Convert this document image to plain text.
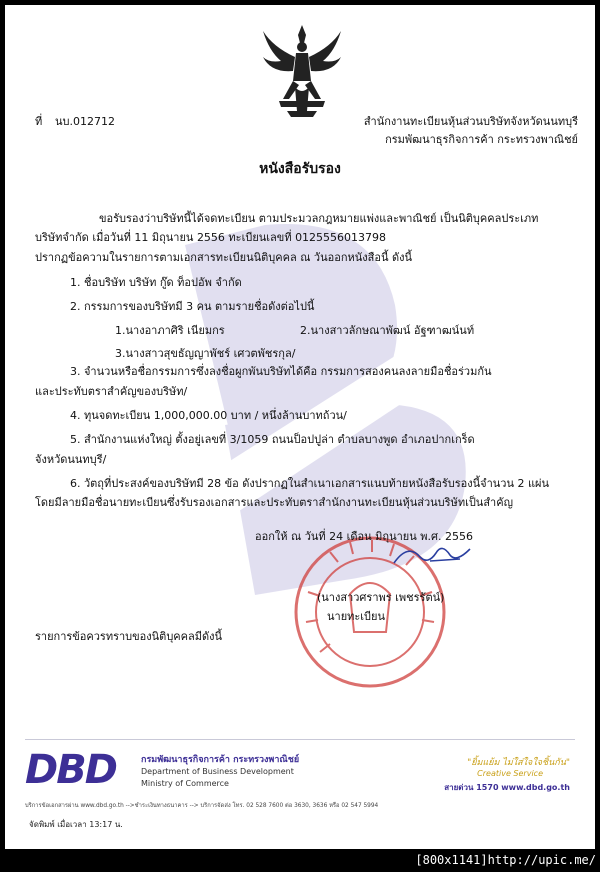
ที่ นบ.012712	สำนักงานทะเบียนหุ้นส่วนบริษัทจังหวัดนนทบุรี
กรมพัฒนาธุรกิจการค้า กระทรวงพาณิชย์
หนังสือรับรอง
ขอรับรองว่าบริษัทนี้ได้จดทะเบียน ตามประมวลกฎหมายแพ่งและพาณิชย์ เป็นนิติบุคคลประเภท
บริษัทจำกัด เมื่อวันที่ 11 มิถุนายน 2556 ทะเบียนเลขที่ 0125556013798
ปรากฏข้อความในรายการตามเอกสารทะเบียนนิติบุคคล ณ วันออกหนังสือนี้ ดังนี้
1. ชื่อบริษัท บริษัท กู๊ด ท็อปอัพ จำกัด
2. กรรมการของบริษัทมี 3 คน ตามรายชื่อดังต่อไปนี้
1.นางอาภาศิริ เนียมกร	2.นางสาวลักษณาพัฒน์ อัฐฑาฒน์นท์
3.นางสาวสุขธัญญาพัชร์ เศวตพัชรกุล/
3. จำนวนหรือชื่อกรรมการซึ่งลงชื่อผูกพันบริษัทได้คือ กรรมการสองคนลงลายมือชื่อร่วมกัน
และประทับตราสำคัญของบริษัท/
4. ทุนจดทะเบียน 1,000,000.00 บาท / หนึ่งล้านบาทถ้วน/
5. สำนักงานแห่งใหญ่ ตั้งอยู่เลขที่ 3/1059 ถนนป็อปปูล่า ตำบลบางพูด อำเภอปากเกร็ด
จังหวัดนนทบุรี/
6. วัตถุที่ประสงค์ของบริษัทมี 28 ข้อ ดังปรากฏในสำเนาเอกสารแนบท้ายหนังสือรับรองนี้จำนวน 2 แผ่น
โดยมีลายมือชื่อนายทะเบียนซึ่งรับรองเอกสารและประทับตราสำนักงานทะเบียนหุ้นส่วนบริษัทเป็นสำคัญ
ออกให้ ณ วันที่ 24 เดือน มิถุนายน พ.ศ. 2556
(นางสาวศราพร เพชรรัตน์)
นายทะเบียน
รายการข้อควรทราบของนิติบุคคลมีดังนี้
DBD	กรมพัฒนาธุรกิจการค้า กระทรวงพาณิชย์
Department of Business Development
Ministry of Commerce
"ยิ้มแย้ม ไม่ใส่ใจใจชิ้นกัน"
Creative Service
สายด่วน 1570 www.dbd.go.th
บริการข้อเอกสารผ่าน www.dbd.go.th -->ชำระเงินทางธนาคาร --> บริการจัดส่ง โทร. 02 528 7600 ต่อ 3630, 3636 หรือ 02 547 5994
จัดพิมพ์ เมื่อเวลา 13:17 น.
[800x1141]http://upic.me/
